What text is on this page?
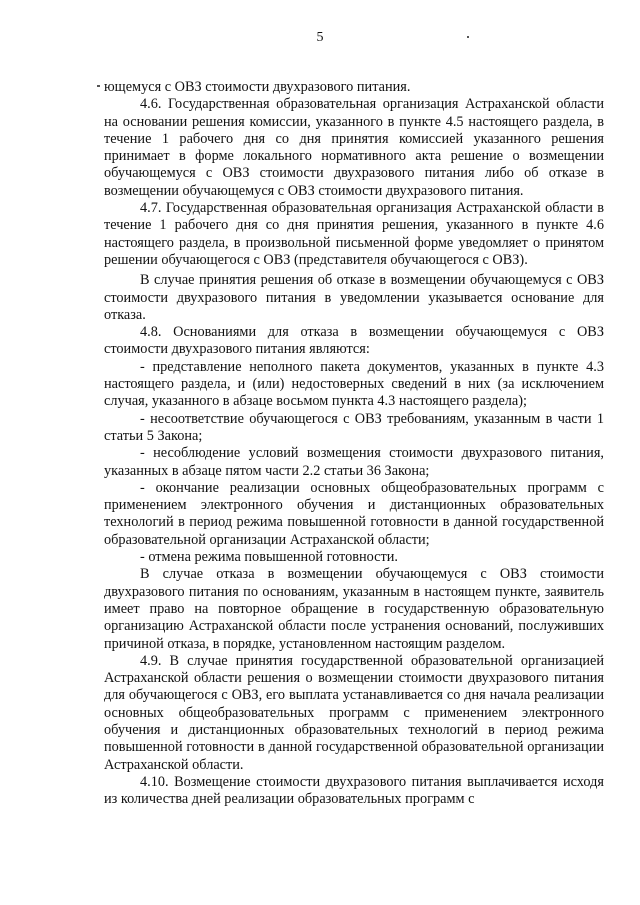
5

ющемуся с ОВЗ стоимости двухразового питания.

4.6. Государственная образовательная организация Астраханской области на основании решения комиссии, указанного в пункте 4.5 настоящего раздела, в течение 1 рабочего дня со дня принятия комиссией указанного решения принимает в форме локального нормативного акта решение о возмещении обучающемуся с ОВЗ стоимости двухразового питания либо об отказе в возмещении обучающемуся с ОВЗ стоимости двухразового питания.

4.7. Государственная образовательная организация Астраханской области в течение 1 рабочего дня со дня принятия решения, указанного в пункте 4.6 настоящего раздела, в произвольной письменной форме уведомляет о принятом решении обучающегося с ОВЗ (представителя обучающегося с ОВЗ).

В случае принятия решения об отказе в возмещении обучающемуся с ОВЗ стоимости двухразового питания в уведомлении указывается основание для отказа.

4.8. Основаниями для отказа в возмещении обучающемуся с ОВЗ стоимости двухразового питания являются:

- представление неполного пакета документов, указанных в пункте 4.3 настоящего раздела, и (или) недостоверных сведений в них (за исключением случая, указанного в абзаце восьмом пункта 4.3 настоящего раздела);

- несоответствие обучающегося с ОВЗ требованиям, указанным в части 1 статьи 5 Закона;

- несоблюдение условий возмещения стоимости двухразового питания, указанных в абзаце пятом части 2.2 статьи 36 Закона;

- окончание реализации основных общеобразовательных программ с применением электронного обучения и дистанционных образовательных технологий в период режима повышенной готовности в данной государственной образовательной организации Астраханской области;

- отмена режима повышенной готовности.

В случае отказа в возмещении обучающемуся с ОВЗ стоимости двухразового питания по основаниям, указанным в настоящем пункте, заявитель имеет право на повторное обращение в государственную образовательную организацию Астраханской области после устранения оснований, послуживших причиной отказа, в порядке, установленном настоящим разделом.

4.9. В случае принятия государственной образовательной организацией Астраханской области решения о возмещении стоимости двухразового питания для обучающегося с ОВЗ, его выплата устанавливается со дня начала реализации основных общеобразовательных программ с применением электронного обучения и дистанционных образовательных технологий в период режима повышенной готовности в данной государственной образовательной организации Астраханской области.

4.10. Возмещение стоимости двухразового питания выплачивается исходя из количества дней реализации образовательных программ с
